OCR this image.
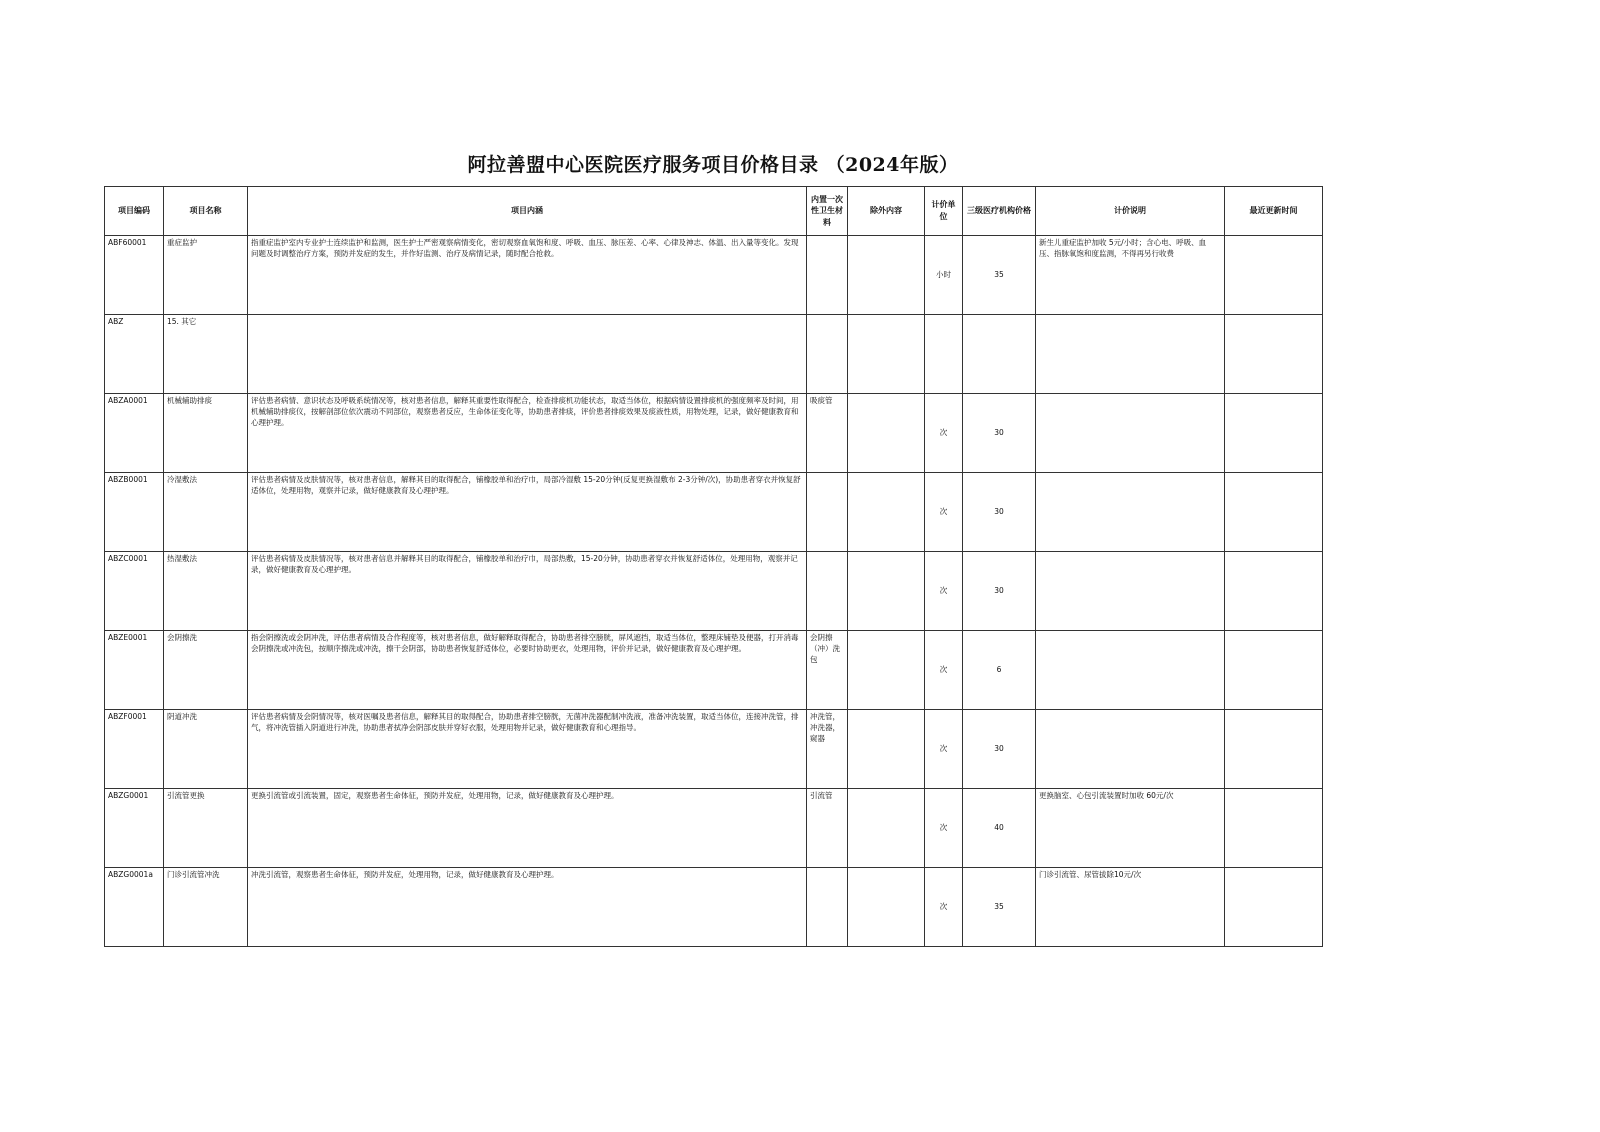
阿拉善盟中心医院医疗服务项目价格目录 （2024年版）
项目编码	项目名称	项目内涵	内置一次性卫生材料	除外内容	计价单位	三级医疗机构价格	计价说明	最近更新时间
ABF60001	重症监护	指重症监护室内专业护士连续监护和监测，医生护士严密观察病情变化，密切观察血氧饱和度、呼吸、血压、脉压差、心率、心律及神志、体温、出入量等变化。发现问题及时调整治疗方案，预防并发症的发生，并作好监测、治疗及病情记录，随时配合抢救。			小时	35	新生儿重症监护加收 5元/小时；含心电、呼吸、血压、指脉氧饱和度监测，不得再另行收费	
ABZ	15. 其它							
ABZA0001	机械辅助排痰	评估患者病情、意识状态及呼吸系统情况等，核对患者信息，解释其重要性取得配合，检查排痰机功能状态，取适当体位，根据病情设置排痰机的强度频率及时间，用机械辅助排痰仪，按解剖部位依次震动不同部位，观察患者反应，生命体征变化等，协助患者排痰，评价患者排痰效果及痰液性质，用物处理，记录，做好健康教育和心理护理。	吸痰管		次	30		
ABZB0001	冷湿敷法	评估患者病情及皮肤情况等，核对患者信息，解释其目的取得配合，铺橡胶单和治疗巾，局部冷湿敷 15-20分钟(反复更换湿敷布 2-3分钟/次)，协助患者穿衣并恢复舒适体位，处理用物，观察并记录，做好健康教育及心理护理。			次	30		
ABZC0001	热湿敷法	评估患者病情及皮肤情况等，核对患者信息并解释其目的取得配合，铺橡胶单和治疗巾，局部热敷，15-20分钟，协助患者穿衣并恢复舒适体位，处理用物，观察并记录，做好健康教育及心理护理。			次	30		
ABZE0001	会阴擦洗	指会阴擦洗或会阴冲洗，评估患者病情及合作程度等，核对患者信息，做好解释取得配合，协助患者排空膀胱，屏风遮挡，取适当体位，整理床铺垫及便器，打开消毒会阴擦洗或冲洗包，按顺序擦洗或冲洗，擦干会阴部，协助患者恢复舒适体位，必要时协助更衣，处理用物，评价并记录，做好健康教育及心理护理。	会阴擦（冲）洗包		次	6		
ABZF0001	阴道冲洗	评估患者病情及会阴情况等，核对医嘱及患者信息，解释其目的取得配合，协助患者排空膀胱，无菌冲洗器配制冲洗液，准备冲洗装置，取适当体位，连接冲洗管，排气，将冲洗管插入阴道进行冲洗，协助患者拭净会阴部皮肤并穿好衣服，处理用物并记录，做好健康教育和心理指导。	冲洗管，冲洗器，窥器		次	30		
ABZG0001	引流管更换	更换引流管或引流装置，固定，观察患者生命体征，预防并发症，处理用物，记录，做好健康教育及心理护理。	引流管		次	40	更换脑室、心包引流装置时加收 60元/次	
ABZG0001a	门诊引流管冲洗	冲洗引流管，观察患者生命体征，预防并发症，处理用物，记录，做好健康教育及心理护理。			次	35	门诊引流管、尿管拔除10元/次	
